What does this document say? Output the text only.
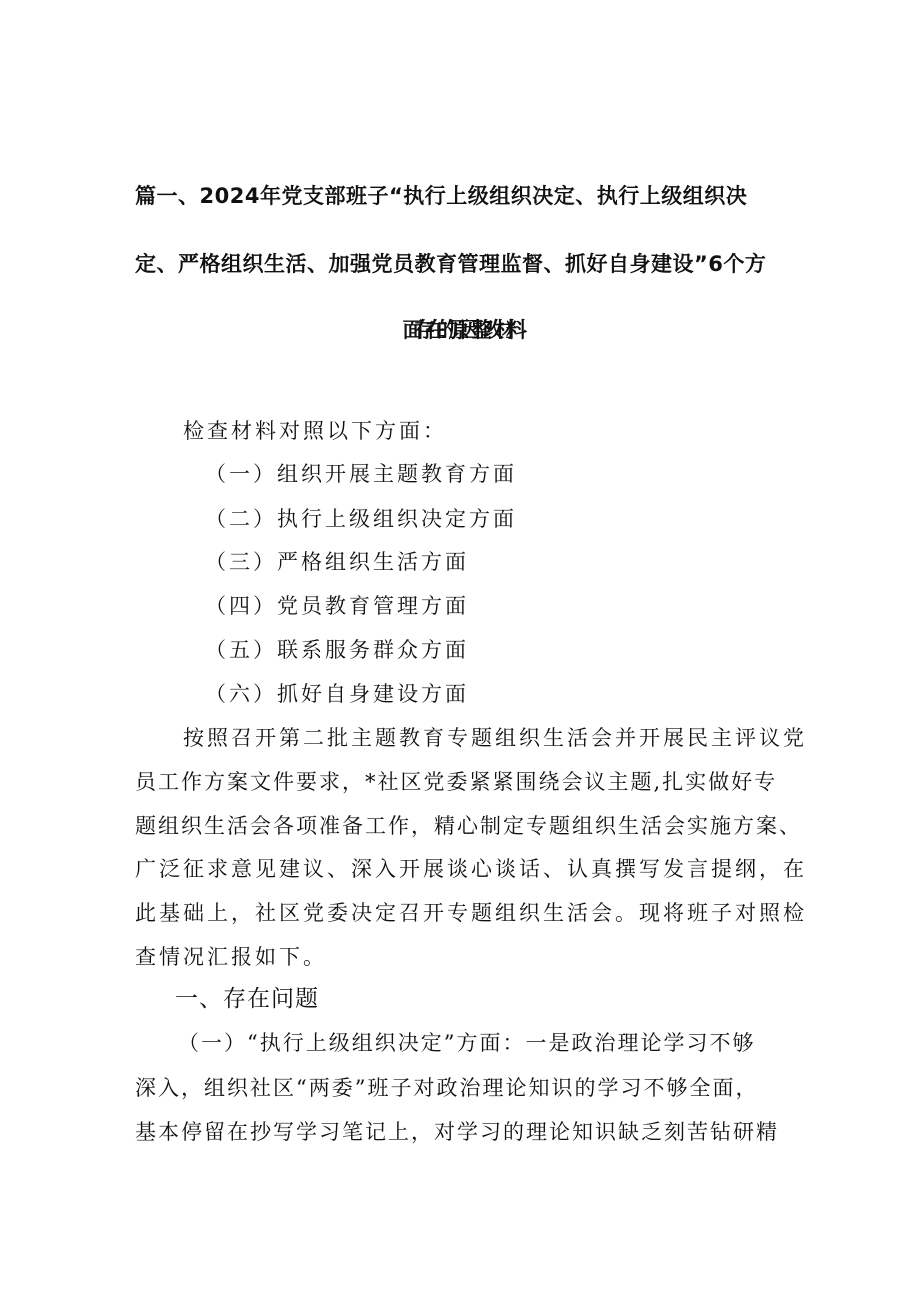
篇一、2024年党支部班子“执行上级组织决定、执行上级组织决
定、严格组织生活、加强党员教育管理监督、抓好自身建设”6个方
面存在的原因整改材料
检查材料对照以下方面：
（一）组织开展主题教育方面
（二）执行上级组织决定方面
（三）严格组织生活方面
（四）党员教育管理方面
（五）联系服务群众方面
（六）抓好自身建设方面
按照召开第二批主题教育专题组织生活会并开展民主评议党
员工作方案文件要求，*社区党委紧紧围绕会议主题,扎实做好专
题组织生活会各项准备工作，精心制定专题组织生活会实施方案、
广泛征求意见建议、深入开展谈心谈话、认真撰写发言提纲，在
此基础上，社区党委决定召开专题组织生活会。现将班子对照检
查情况汇报如下。
一、存在问题
（一）“执行上级组织决定”方面：一是政治理论学习不够
深入，组织社区“两委”班子对政治理论知识的学习不够全面，
基本停留在抄写学习笔记上，对学习的理论知识缺乏刻苦钻研精
